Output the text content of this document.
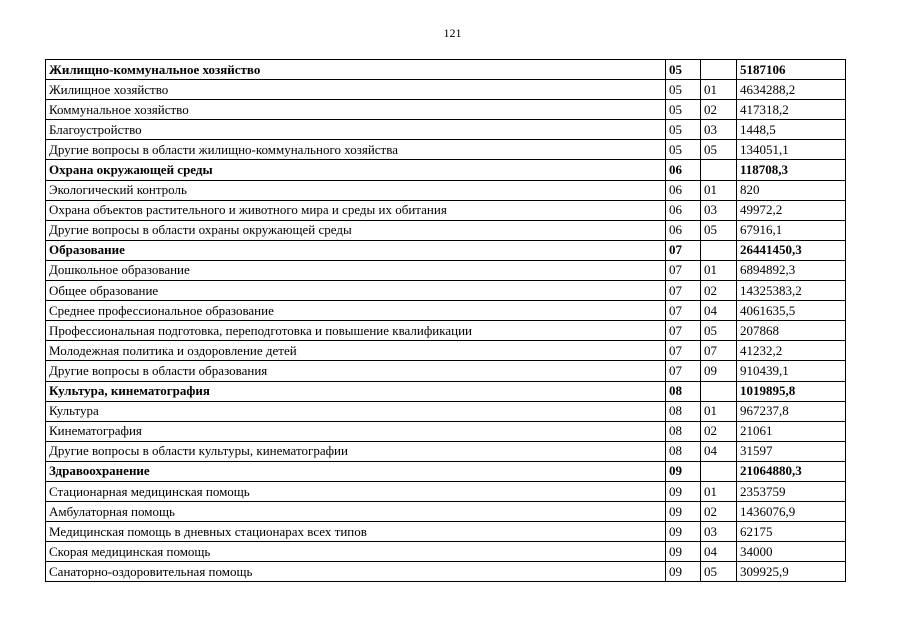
121
Жилищно-коммунальное хозяйство	05		5187106
Жилищное хозяйство	05	01	4634288,2
Коммунальное хозяйство	05	02	417318,2
Благоустройство	05	03	1448,5
Другие вопросы в области жилищно-коммунального хозяйства	05	05	134051,1
Охрана окружающей среды	06		118708,3
Экологический контроль	06	01	820
Охрана объектов растительного и животного мира и среды их обитания	06	03	49972,2
Другие вопросы в области охраны окружающей среды	06	05	67916,1
Образование	07		26441450,3
Дошкольное образование	07	01	6894892,3
Общее образование	07	02	14325383,2
Среднее профессиональное образование	07	04	4061635,5
Профессиональная подготовка, переподготовка и повышение квалификации	07	05	207868
Молодежная политика и оздоровление детей	07	07	41232,2
Другие вопросы в области образования	07	09	910439,1
Культура, кинематография	08		1019895,8
Культура	08	01	967237,8
Кинематография	08	02	21061
Другие вопросы в области культуры, кинематографии	08	04	31597
Здравоохранение	09		21064880,3
Стационарная медицинская помощь	09	01	2353759
Амбулаторная помощь	09	02	1436076,9
Медицинская помощь в дневных стационарах всех типов	09	03	62175
Скорая медицинская помощь	09	04	34000
Санаторно-оздоровительная помощь	09	05	309925,9
